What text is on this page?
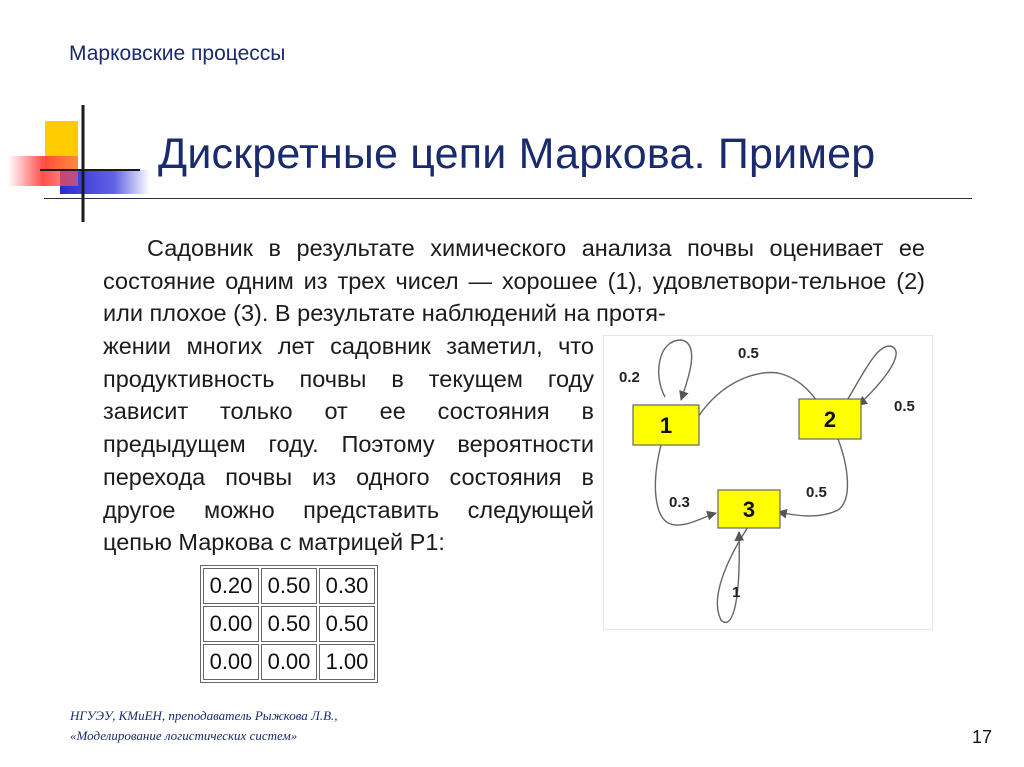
Марковские процессы
Дискретные цепи Маркова. Пример
Садовник в результате химического анализа почвы оценивает ее состояние одним из трех чисел — хорошее (1), удовлетвори-тельное (2) или плохое (3). В результате наблюдений на протя-
жении многих лет садовник заметил, что продуктивность почвы в текущем году зависит только от ее состояния в предыдущем году. Поэтому вероятности перехода почвы из одного состояния в другое можно представить следующей цепью Маркова с матрицей P1:
0.20	0.50	0.30
0.00	0.50	0.50
0.00	0.00	1.00
1	2
3
0.2
0.5
0.5
0.3
0.5
1
НГУЭУ, КМиЕН, преподаватель Рыжкова Л.В.,
«Моделирование логистических систем»	17
